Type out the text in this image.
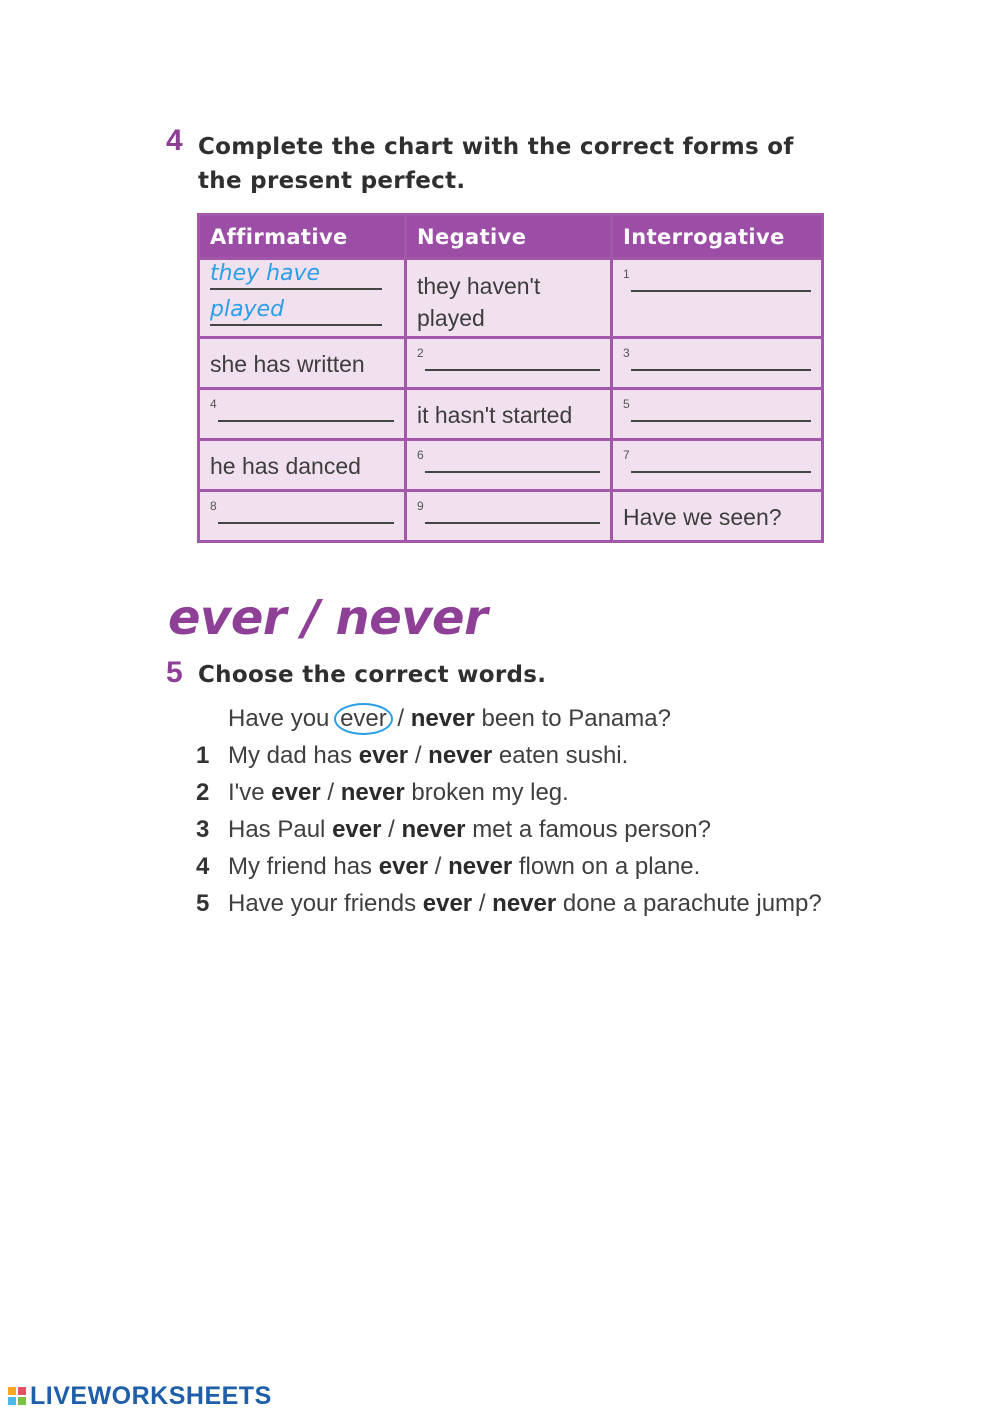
4 Complete the chart with the correct forms of the present perfect.
Affirmative	Negative	Interrogative

they have
played	they haven't played	1

she has written	2	3

4	it hasn't started	5

he has danced	6	7

8	9	Have we seen?
ever / never
5 Choose the correct words.
Have you ever / never been to Panama?
1 My dad has ever / never eaten sushi.
2 I've ever / never broken my leg.
3 Has Paul ever / never met a famous person?
4 My friend has ever / never flown on a plane.
5 Have your friends ever / never done a parachute jump?
LIVEWORKSHEETS
